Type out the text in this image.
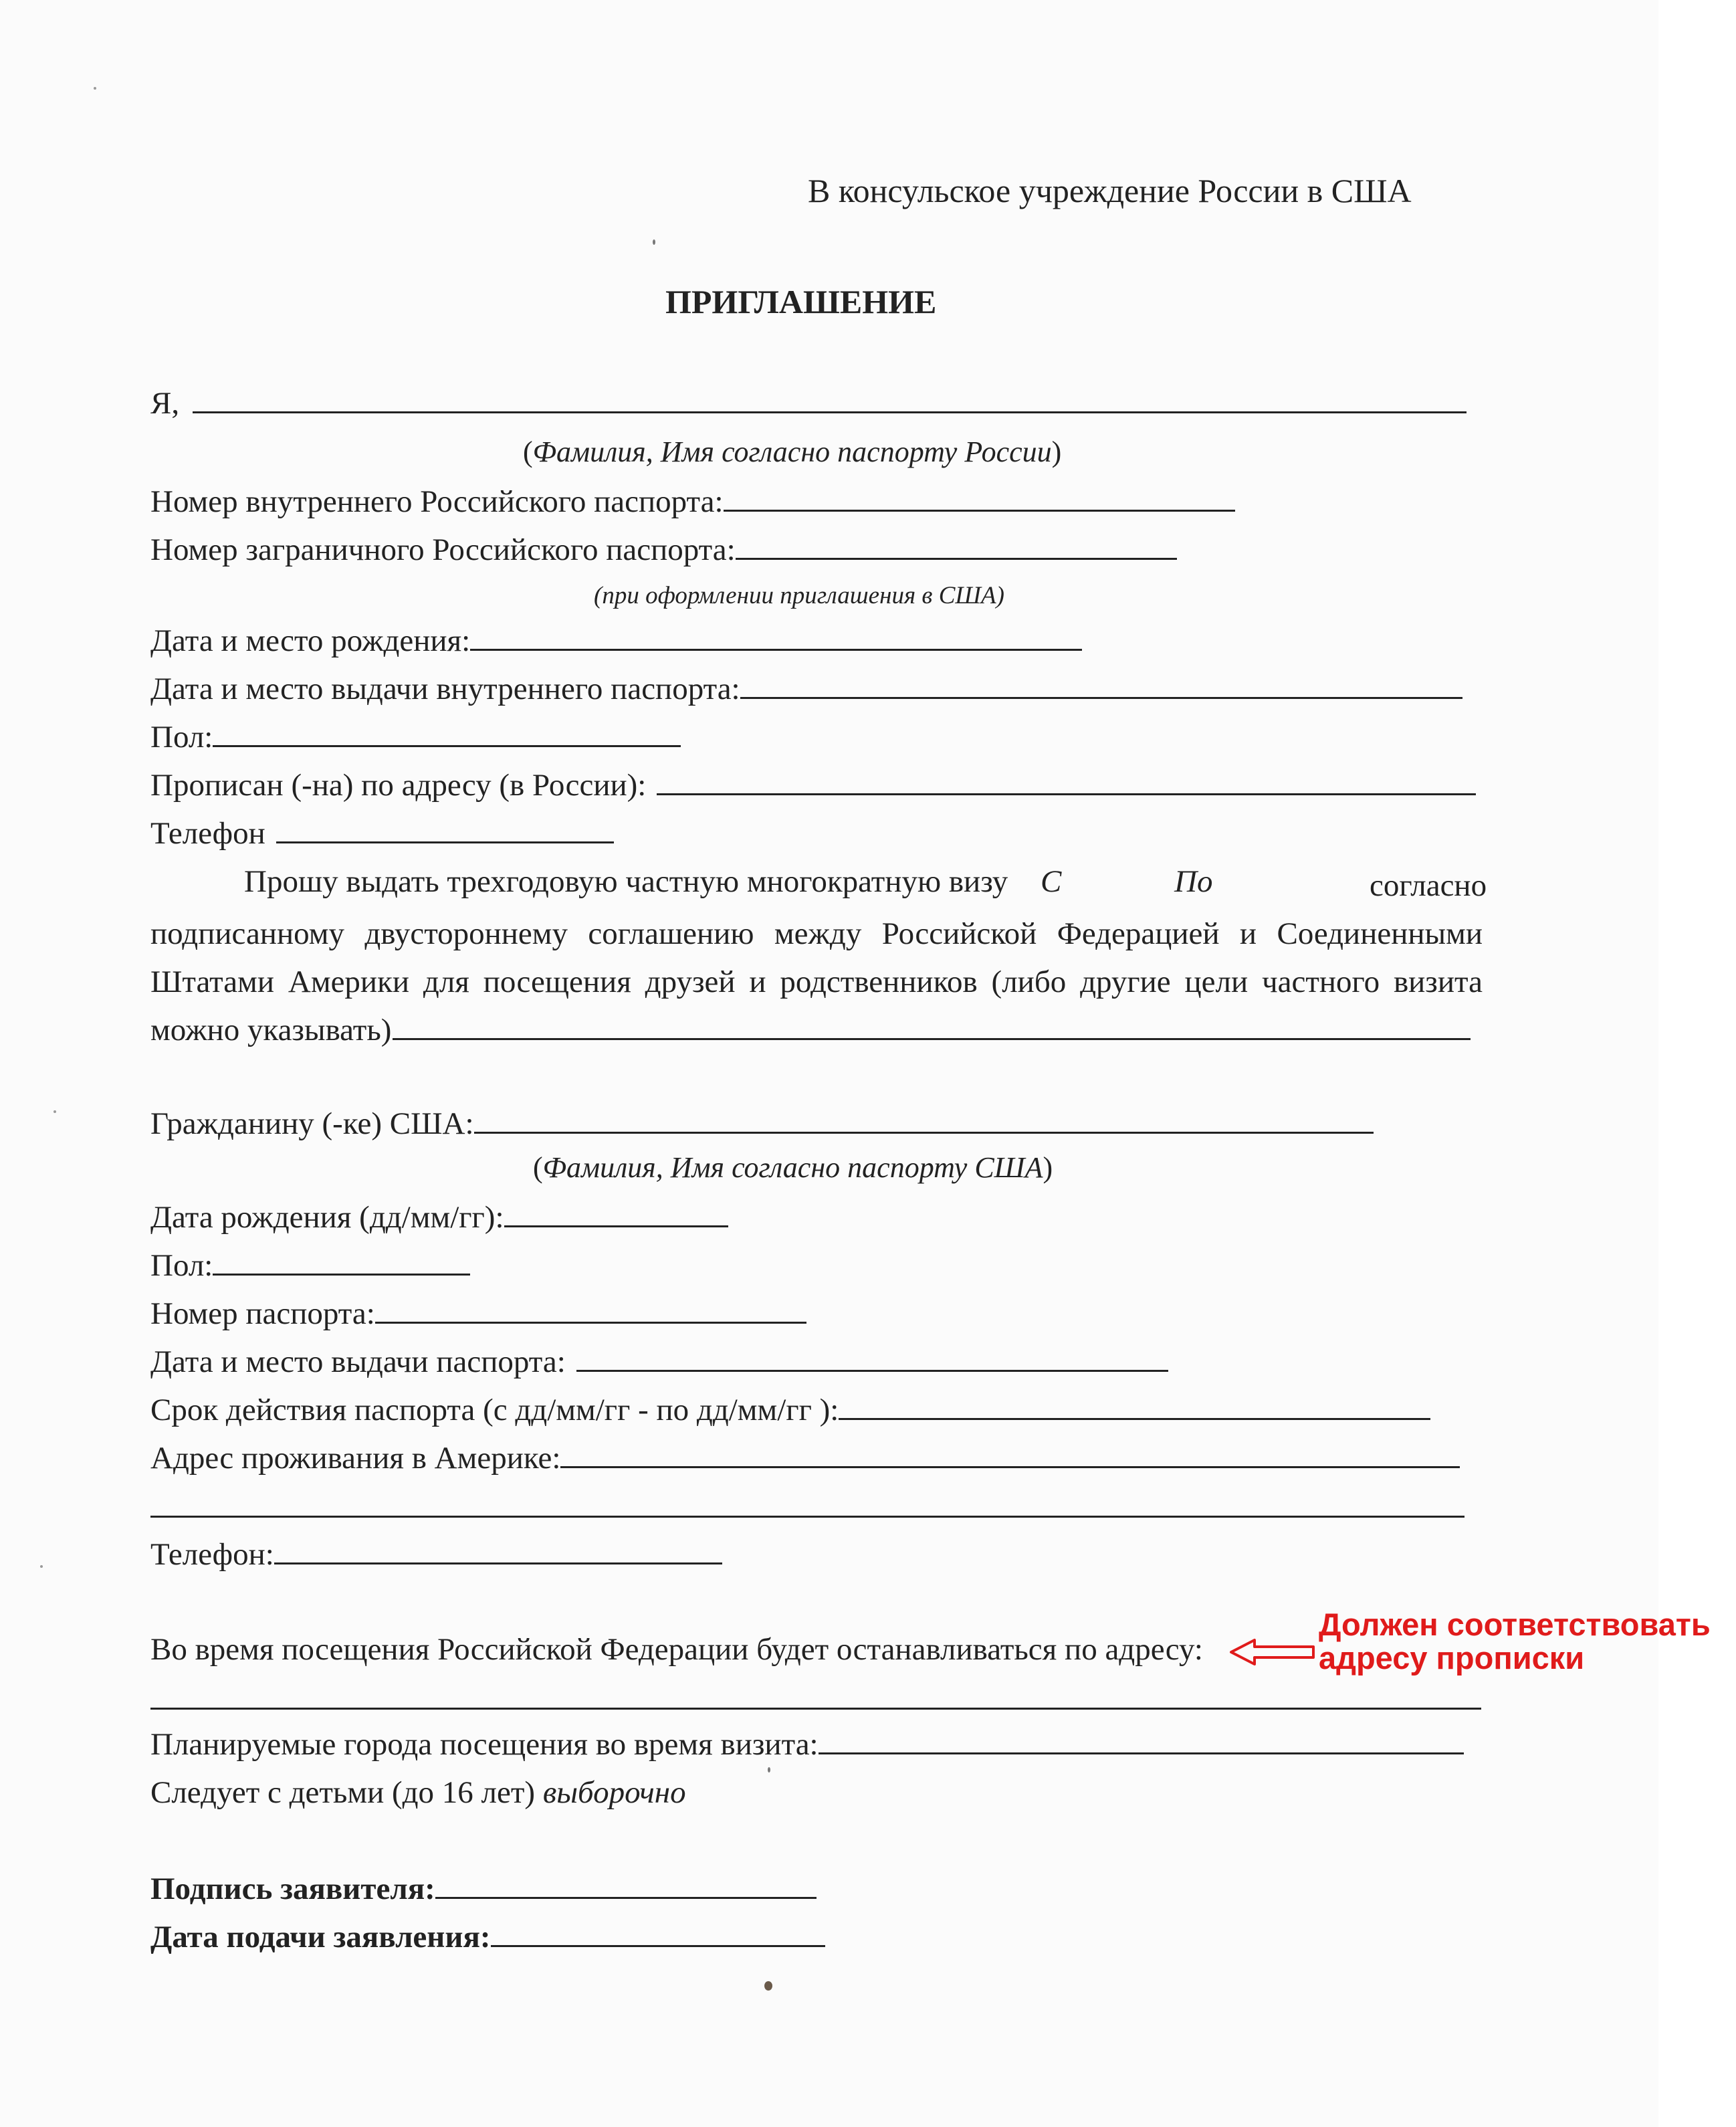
В консульское учреждение России в США
ПРИГЛАШЕНИЕ
Я,
(Фамилия, Имя согласно паспорту России)
Номер внутреннего Российского паспорта:
Номер заграничного Российского паспорта:
(при оформлении приглашения в США)
Дата и место рождения:
Дата и место выдачи внутреннего паспорта:
Пол:
Прописан (-на) по адресу (в России):
Телефон
Прошу выдать трехгодовую частную многократную визу С	По	согласно подписанному двустороннему соглашению между Российской Федерацией и Соединенными Штатами Америки для посещения друзей и родственников (либо другие цели частного визита можно указывать)
Гражданину (-ке) США:
(Фамилия, Имя согласно паспорту США)
Дата рождения (дд/мм/гг):
Пол:
Номер паспорта:
Дата и место выдачи паспорта:
Срок действия паспорта (с дд/мм/гг - по дд/мм/гг ):
Адрес проживания в Америке:
Телефон:
Во время посещения Российской Федерации будет останавливаться по адресу:
Должен соответствовать
адресу прописки
Планируемые города посещения во время визита:
Следует с детьми (до 16 лет) выборочно
Подпись заявителя:
Дата подачи заявления:
